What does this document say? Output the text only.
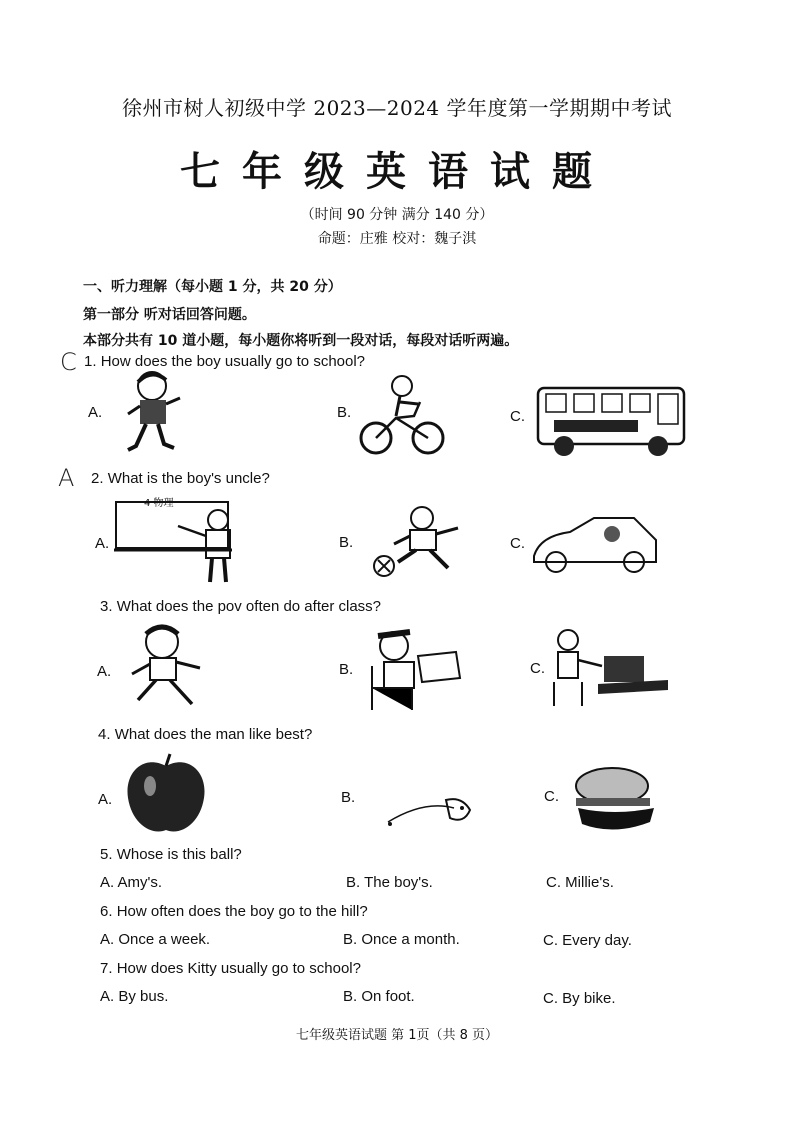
徐州市树人初级中学 2023—2024 学年度第一学期期中考试
七年级英语试题
（时间 90 分钟 满分 140 分）
命题：庄雅 校对：魏子淇
一、听力理解（每小题 1 分，共 20 分）
第一部分 听对话回答问题。
本部分共有 10 道小题，每小题你将听到一段对话，每段对话听两遍。
C 1. How does the boy usually go to school?
A.	B.	C.
A 2. What is the boy's uncle?
A.	B.	C.
4 物理
3. What does the pov often do after class?
A.	B.	C.
4. What does the man like best?
A.	B.	C.
5. Whose is this ball?
A. Amy's.	B. The boy's.	C. Millie's.
6. How often does the boy go to the hill?
A. Once a week.	B. Once a month.	C. Every day.
7. How does Kitty usually go to school?
A. By bus.	B. On foot.	C. By bike.
七年级英语试题 第 1页（共 8 页）
